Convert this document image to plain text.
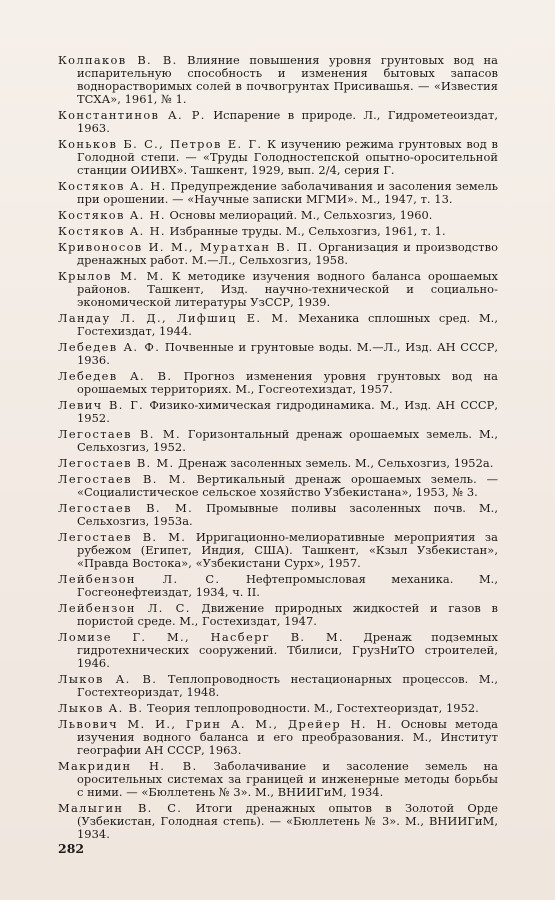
Колпаков В. В. Влияние повышения уровня грунтовых вод на испарительную способность и изменения бытовых запасов воднорастворимых солей в почвогрунтах Присивашья. — «Известия ТСХА», 1961, № 1.

Константинов А. Р. Испарение в природе. Л., Гидрометеоиздат, 1963.

Коньков Б. С., Петров Е. Г. К изучению режима грунтовых вод в Голодной степи. — «Труды Голодностепской опытно-оросительной станции ОИИВХ». Ташкент, 1929, вып. 2/4, серия Г.

Костяков А. Н. Предупреждение заболачивания и засоления земель при орошении. — «Научные записки МГМИ». М., 1947, т. 13.

Костяков А. Н. Основы мелиораций. М., Сельхозгиз, 1960.

Костяков А. Н. Избранные труды. М., Сельхозгиз, 1961, т. 1.

Кривоносов И. М., Муратхан В. П. Организация и производство дренажных работ. М.—Л., Сельхозгиз, 1958.

Крылов М. М. К методике изучения водного баланса орошаемых районов. Ташкент, Изд. научно-технической и социально-экономической литературы УзССР, 1939.

Ландау Л. Д., Лифшиц Е. М. Механика сплошных сред. М., Гостехиздат, 1944.

Лебедев А. Ф. Почвенные и грунтовые воды. М.—Л., Изд. АН СССР, 1936.

Лебедев А. В. Прогноз изменения уровня грунтовых вод на орошаемых территориях. М., Госгеотехиздат, 1957.

Левич В. Г. Физико-химическая гидродинамика. М., Изд. АН СССР, 1952.

Легостаев В. М. Горизонтальный дренаж орошаемых земель. М., Сельхозгиз, 1952.

Легостаев В. М. Дренаж засоленных земель. М., Сельхозгиз, 1952а.

Легостаев В. М. Вертикальный дренаж орошаемых земель. — «Социалистическое сельское хозяйство Узбекистана», 1953, № 3.

Легостаев В. М. Промывные поливы засоленных почв. М., Сельхозгиз, 1953а.

Легостаев В. М. Ирригационно-мелиоративные мероприятия за рубежом (Египет, Индия, США). Ташкент, «Кзыл Узбекистан», «Правда Востока», «Узбекистани Сурх», 1957.

Лейбензон Л. С. Нефтепромысловая механика. М., Госгеонефтеиздат, 1934, ч. II.

Лейбензон Л. С. Движение природных жидкостей и газов в пористой среде. М., Гостехиздат, 1947.

Ломизе Г. М., Насберг В. М. Дренаж подземных гидротехнических сооружений. Тбилиси, ГрузНиТО строителей, 1946.

Лыков А. В. Теплопроводность нестационарных процессов. М., Гостехтеориздат, 1948.

Лыков А. В. Теория теплопроводности. М., Гостехтеориздат, 1952.

Львович М. И., Грин А. М., Дрейер Н. Н. Основы метода изучения водного баланса и его преобразования. М., Институт географии АН СССР, 1963.

Макридин Н. В. Заболачивание и засоление земель на оросительных системах за границей и инженерные методы борьбы с ними. — «Бюллетень № 3». М., ВНИИГиМ, 1934.

Малыгин В. С. Итоги дренажных опытов в Золотой Орде (Узбекистан, Голодная степь). — «Бюллетень № 3». М., ВНИИГиМ, 1934.

282
